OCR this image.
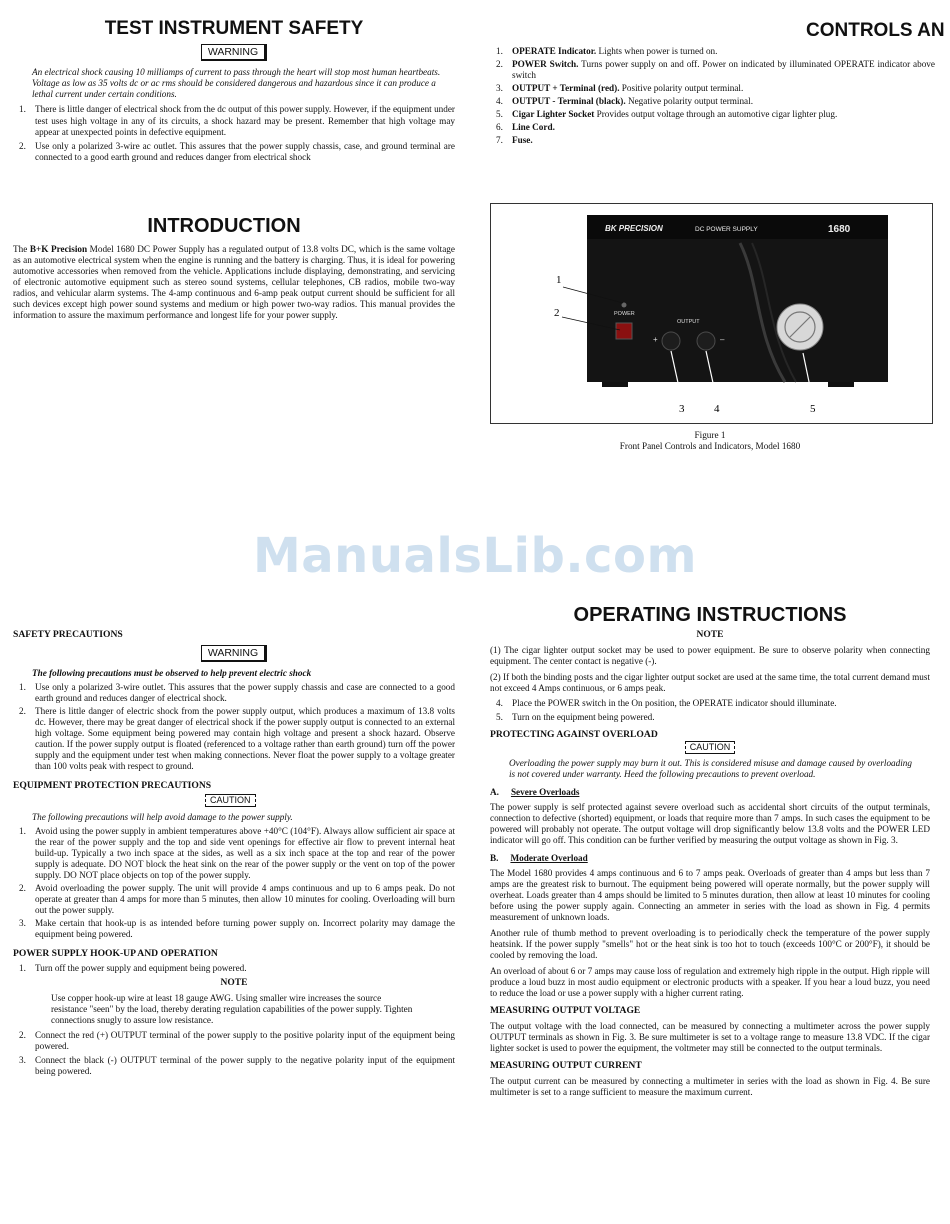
TEST INSTRUMENT SAFETY
WARNING

An electrical shock causing 10 milliamps of current to pass through the heart will stop most human heartbeats. Voltage as low as 35 volts dc or ac rms should be considered dangerous and hazardous since it can produce a lethal current under certain conditions.

1. There is little danger of electrical shock from the dc output of this power supply. However, if the equipment under test uses high voltage in any of its circuits, a shock hazard may be present. Remember that high voltage may appear at unexpected points in defective equipment.
2. Use only a polarized 3-wire ac outlet. This assures that the power supply chassis, case, and ground terminal are connected to a good earth ground and reduces danger from electrical shock
INTRODUCTION

The B+K Precision Model 1680 DC Power Supply has a regulated output of 13.8 volts DC, which is the same voltage as an automotive electrical system when the engine is running and the battery is charging. Thus, it is ideal for powering automotive accessories when removed from the vehicle. Applications include displaying, demonstrating, and servicing of electronic automotive equipment such as stereo sound systems, cellular telephones, CB radios, mobile two-way radios, and vehicular alarm systems. The 4-amp continuous and 6-amp peak output current should be sufficient for all such devices except high power sound systems and medium or high power two-way radios. This manual provides the information to assure the maximum performance and longest life for your power supply.

CONTROLS AN
1. OPERATE Indicator. Lights when power is turned on.
2. POWER Switch. Turns power supply on and off. Power on indicated by illuminated OPERATE indicator above switch
3. OUTPUT + Terminal (red). Positive polarity output terminal.
4. OUTPUT - Terminal (black). Negative polarity output terminal.
5. Cigar Lighter Socket Provides output voltage through an automotive cigar lighter plug.
6. Line Cord.
7. Fuse.
BK PRECISION	DC POWER SUPPLY	1680
POWER
OUTPUT
+	–
1
2
3	4	5
Figure 1
Front Panel Controls and Indicators, Model 1680
ManualsLib.com
SAFETY PRECAUTIONS
WARNING

The following precautions must be observed to help prevent electric shock

1. Use only a polarized 3-wire outlet. This assures that the power supply chassis and case are connected to a good earth ground and reduces danger of electrical shock.
2. There is little danger of electric shock from the power supply output, which produces a maximum of 13.8 volts dc. However, there may be great danger of electrical shock if the power supply output is connected to an external high voltage. Some equipment being powered may contain high voltage and present a shock hazard. Observe caution. If the power supply output is floated (referenced to a voltage rather than earth ground) turn off the power supply and the equipment under test when making connections. Never float the power supply to a voltage greater than 100 volts peak with respect to ground.
EQUIPMENT PROTECTION PRECAUTIONS
CAUTION

The following precautions will help avoid damage to the power supply.

1. Avoid using the power supply in ambient temperatures above +40°C (104°F). Always allow sufficient air space at the rear of the power supply and the top and side vent openings for effective air flow to prevent internal heat build-up. Typically a two inch space at the sides, as well as a six inch space at the top and rear of the power supply is adequate. DO NOT block the heat sink on the rear of the power supply or the vent on top of the power supply. DO NOT place objects on top of the power supply.
2. Avoid overloading the power supply. The unit will provide 4 amps continuous and up to 6 amps peak. Do not operate at greater than 4 amps for more than 5 minutes, then allow 10 minutes for cooling. Overloading will burn out the power supply.
3. Make certain that hook-up is as intended before turning power supply on. Incorrect polarity may damage the equipment being powered.
POWER SUPPLY HOOK-UP AND OPERATION
1. Turn off the power supply and equipment being powered.
NOTE

Use copper hook-up wire at least 18 gauge AWG. Using smaller wire increases the source resistance "seen" by the load, thereby derating regulation capabilities of the power supply. Tighten connections snugly to assure low resistance.

2. Connect the red (+) OUTPUT terminal of the power supply to the positive polarity input of the equipment being powered.
3. Connect the black (-) OUTPUT terminal of the power supply to the negative polarity input of the equipment being powered.
OPERATING INSTRUCTIONS
NOTE

(1) The cigar lighter output socket may be used to power equipment. Be sure to observe polarity when connecting equipment. The center contact is negative (-).

(2) If both the binding posts and the cigar lighter output socket are used at the same time, the total current demand must not exceed 4 Amps continuous, or 6 amps peak.

4. Place the POWER switch in the On position, the OPERATE indicator should illuminate.
5. Turn on the equipment being powered.
PROTECTING AGAINST OVERLOAD
CAUTION

Overloading the power supply may burn it out. This is considered misuse and damage caused by overloading is not covered under warranty. Heed the following precautions to prevent overload.

A. Severe Overloads

The power supply is self protected against severe overload such as accidental short circuits of the output terminals, connection to defective (shorted) equipment, or loads that require more than 7 amps. In such cases the equipment to be powered will probably not operate. The output voltage will drop significantly below 13.8 volts and the POWER LED indicator will go off. This condition can be further verified by measuring the output voltage as shown in Fig. 3.

B. Moderate Overload

The Model 1680 provides 4 amps continuous and 6 to 7 amps peak. Overloads of greater than 4 amps but less than 7 amps are the greatest risk to burnout. The equipment being powered will operate normally, but the power supply will overheat. Loads greater than 4 amps should be limited to 5 minutes duration, then allow at least 10 minutes for cooling before using the power supply again. Connecting an ammeter in series with the load as shown in Fig. 4 permits measurement of unknown loads.

Another rule of thumb method to prevent overloading is to periodically check the temperature of the power supply heatsink. If the power supply "smells" hot or the heat sink is too hot to touch (exceeds 100°C or 200°F), it should be cooled by removing the load.

An overload of about 6 or 7 amps may cause loss of regulation and extremely high ripple in the output. High ripple will produce a loud buzz in most audio equipment or electronic products with a speaker. If you hear a loud buzz, you need to reduce the load or use a power supply with a higher current rating.

MEASURING OUTPUT VOLTAGE

The output voltage with the load connected, can be measured by connecting a multimeter across the power supply OUTPUT terminals as shown in Fig. 3. Be sure multimeter is set to a voltage range to measure 13.8 VDC. If the cigar lighter socket is used to power the equipment, the voltmeter may still be connected to the output terminals.

MEASURING OUTPUT CURRENT

The output current can be measured by connecting a multimeter in series with the load as shown in Fig. 4. Be sure multimeter is set to a range sufficient to measure the maximum current.
